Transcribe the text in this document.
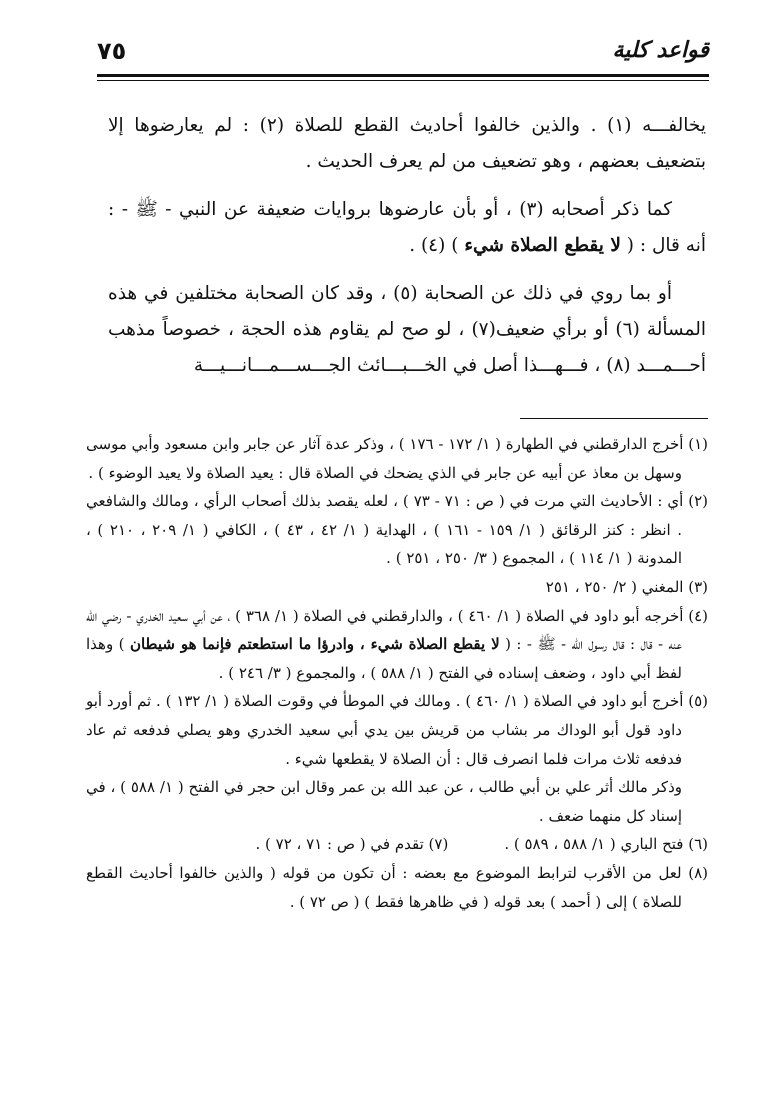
قواعد كلية
٧٥

يخالفـــه (١) . والذين خالفوا أحاديث القطع للصلاة (٢) : لم يعارضوها إلا بتضعيف بعضهم ، وهو تضعيف من لم يعرف الحديث .

كما ذكر أصحابه (٣) ، أو بأن عارضوها بروايات ضعيفة عن النبي - ﷺ - : أنه قال : ( لا يقطع الصلاة شيء ) (٤) .

أو بما روي في ذلك عن الصحابة (٥) ، وقد كان الصحابة مختلفين في هذه المسألة (٦) أو برأي ضعيف(٧) ، لو صح لم يقاوم هذه الحجة ، خصوصاً مذهب أحـــمـــد (٨) ، فـــهـــذا أصل في الخـــبـــائث الجـــســـمـــانـــيـــة

(١) أخرج الدارقطني في الطهارة ( ١/ ١٧٢ - ١٧٦ ) ، وذكر عدة آثار عن جابر وابن مسعود وأبي موسى وسهل بن معاذ عن أبيه عن جابر في الذي يضحك في الصلاة قال : يعيد الصلاة ولا يعيد الوضوء ) .

(٢) أي : الأحاديث التي مرت في ( ص : ٧١ - ٧٣ ) ، لعله يقصد بذلك أصحاب الرأي ، ومالك والشافعي . انظر : كنز الرقائق ( ١/ ١٥٩ - ١٦١ ) ، الهداية ( ١/ ٤٢ ، ٤٣ ) ، الكافي ( ١/ ٢٠٩ ، ٢١٠ ) ، المدونة ( ١/ ١١٤ ) ، المجموع ( ٣/ ٢٥٠ ، ٢٥١ ) .

(٣) المغني ( ٢/ ٢٥٠ ، ٢٥١

(٤) أخرجه أبو داود في الصلاة ( ١/ ٤٦٠ ) ، والدارقطني في الصلاة ( ١/ ٣٦٨ ) ، عن أبي سعيد الخدري - رضي الله عنه - قال : قال رسول الله - ﷺ - : ( لا يقطع الصلاة شيء ، وادرؤا ما استطعتم فإنما هو شيطان ) وهذا لفظ أبي داود ، وضعف إسناده في الفتح ( ١/ ٥٨٨ ) ، والمجموع ( ٣/ ٢٤٦ ) .

(٥) أخرج أبو داود في الصلاة ( ١/ ٤٦٠ ) . ومالك في الموطأ في وقوت الصلاة ( ١/ ١٣٢ ) . ثم أورد أبو داود قول أبو الوداك مر بشاب من قريش بين يدي أبي سعيد الخدري وهو يصلي فدفعه ثم عاد فدفعه ثلاث مرات فلما انصرف قال : أن الصلاة لا يقطعها شيء .

وذكر مالك أثر علي بن أبي طالب ، عن عبد الله بن عمر وقال ابن حجر في الفتح ( ١/ ٥٨٨ ) ، في إسناد كل منهما ضعف .

(٦) فتح الباري ( ١/ ٥٨٨ ، ٥٨٩ ) .
(٧) تقدم في ( ص : ٧١ ، ٧٢ ) .

(٨) لعل من الأقرب لترابط الموضوع مع بعضه : أن تكون من قوله ( والذين خالفوا أحاديث القطع للصلاة ) إلى ( أحمد ) بعد قوله ( في ظاهرها فقط ) ( ص ٧٢ ) .
